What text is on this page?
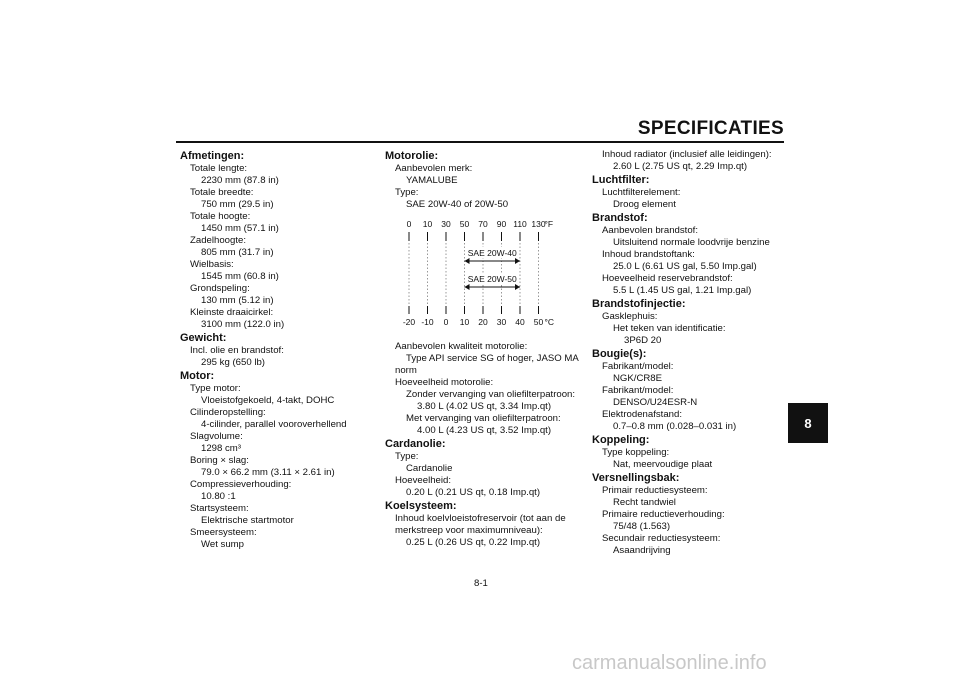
SPECIFICATIES
Afmetingen:
Totale lengte:
2230 mm (87.8 in)
Totale breedte:
750 mm (29.5 in)
Totale hoogte:
1450 mm (57.1 in)
Zadelhoogte:
805 mm (31.7 in)
Wielbasis:
1545 mm (60.8 in)
Grondspeling:
130 mm (5.12 in)
Kleinste draaicirkel:
3100 mm (122.0 in)
Gewicht:
Incl. olie en brandstof:
295 kg (650 lb)
Motor:
Type motor:
Vloeistofgekoeld, 4-takt, DOHC
Cilinderopstelling:
4-cilinder, parallel vooroverhellend
Slagvolume:
1298 cm³
Boring × slag:
79.0 × 66.2 mm (3.11 × 2.61 in)
Compressieverhouding:
10.80 :1
Startsysteem:
Elektrische startmotor
Smeersysteem:
Wet sump
Motorolie:
Aanbevolen merk:
YAMALUBE
Type:
SAE 20W-40 of 20W-50
0
-20
10
-10
30
0
50
10
70
20
90
30
110
40
130
50
°F
°C
SAE 20W-40
SAE 20W-50
Aanbevolen kwaliteit motorolie:
Type API service SG of hoger, JASO MA
norm
Hoeveelheid motorolie:
Zonder vervanging van oliefilterpatroon:
3.80 L (4.02 US qt, 3.34 Imp.qt)
Met vervanging van oliefilterpatroon:
4.00 L (4.23 US qt, 3.52 Imp.qt)
Cardanolie:
Type:
Cardanolie
Hoeveelheid:
0.20 L (0.21 US qt, 0.18 Imp.qt)
Koelsysteem:
Inhoud koelvloeistofreservoir (tot aan de
merkstreep voor maximumniveau):
0.25 L (0.26 US qt, 0.22 Imp.qt)
Inhoud radiator (inclusief alle leidingen):
2.60 L (2.75 US qt, 2.29 Imp.qt)
Luchtfilter:
Luchtfilterelement:
Droog element
Brandstof:
Aanbevolen brandstof:
Uitsluitend normale loodvrije benzine
Inhoud brandstoftank:
25.0 L (6.61 US gal, 5.50 Imp.gal)
Hoeveelheid reservebrandstof:
5.5 L (1.45 US gal, 1.21 Imp.gal)
Brandstofinjectie:
Gasklephuis:
Het teken van identificatie:
3P6D 20
Bougie(s):
Fabrikant/model:
NGK/CR8E
Fabrikant/model:
DENSO/U24ESR-N
Elektrodenafstand:
0.7–0.8 mm (0.028–0.031 in)
Koppeling:
Type koppeling:
Nat, meervoudige plaat
Versnellingsbak:
Primair reductiesysteem:
Recht tandwiel
Primaire reductieverhouding:
75/48 (1.563)
Secundair reductiesysteem:
Asaandrijving
8
8-1
carmanualsonline.info
